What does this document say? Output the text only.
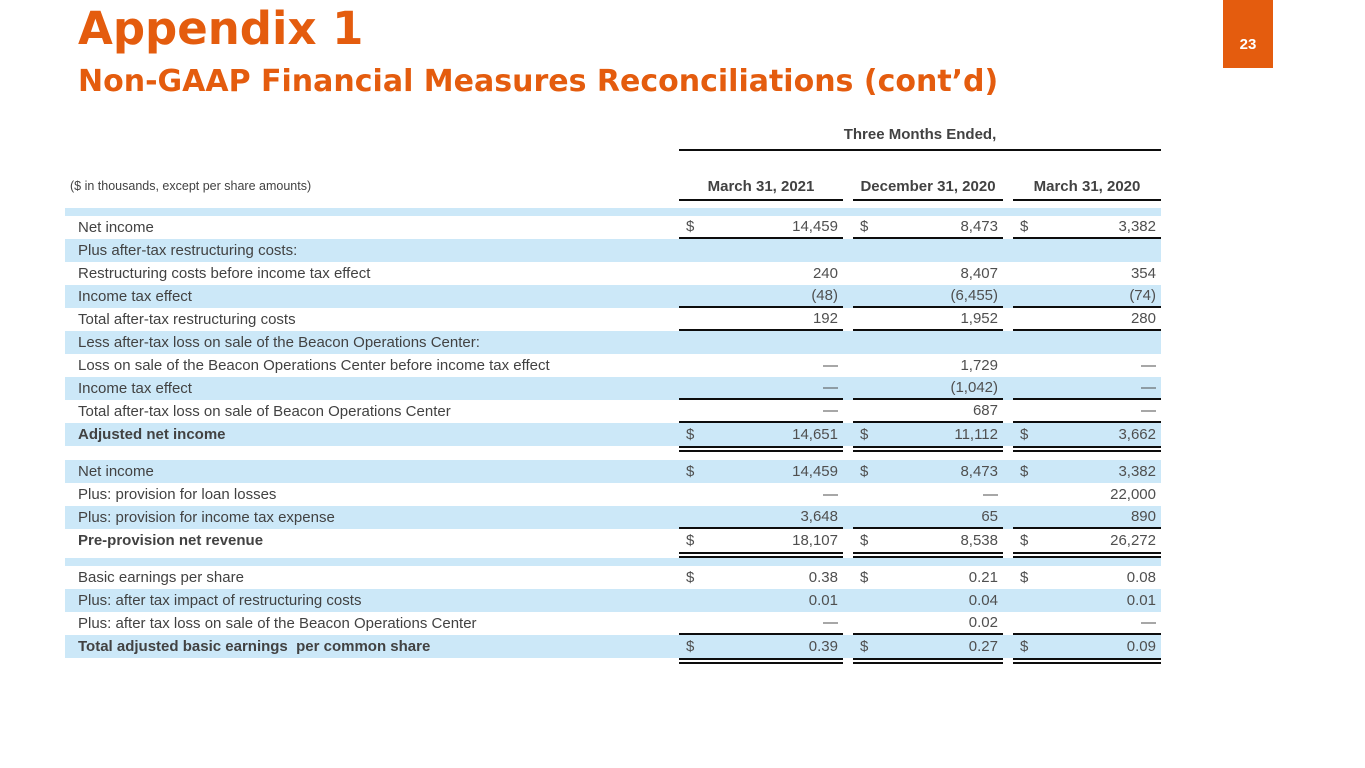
Appendix 1
Non-GAAP Financial Measures Reconciliations (cont’d)
23
($ in thousands, except per share amounts)
Three Months Ended,
March 31, 2021	December 31, 2020	March 31, 2020
Net income	$	14,459 $	8,473 $	3,382
Plus after-tax restructuring costs:
Restructuring costs before income tax effect	240	8,407	354
Income tax effect	(48)	(6,455)	(74)
Total after-tax restructuring costs	192	1,952	280
Less after-tax loss on sale of the Beacon Operations Center:
Loss on sale of the Beacon Operations Center before income tax effect	—	1,729	—
Income tax effect	—	(1,042)	—
Total after-tax loss on sale of Beacon Operations Center	—	687	—
Adjusted net income	$	14,651 $	11,112 $	3,662
Net income	$	14,459 $	8,473 $	3,382
Plus: provision for loan losses	—	—	22,000
Plus: provision for income tax expense	3,648	65	890
Pre-provision net revenue	$	18,107 $	8,538 $	26,272
Basic earnings per share	$	0.38 $	0.21 $	0.08
Plus: after tax impact of restructuring costs	0.01	0.04	0.01
Plus: after tax loss on sale of the Beacon Operations Center	—	0.02	—
Total adjusted basic earnings  per common share	$	0.39 $	0.27 $	0.09
